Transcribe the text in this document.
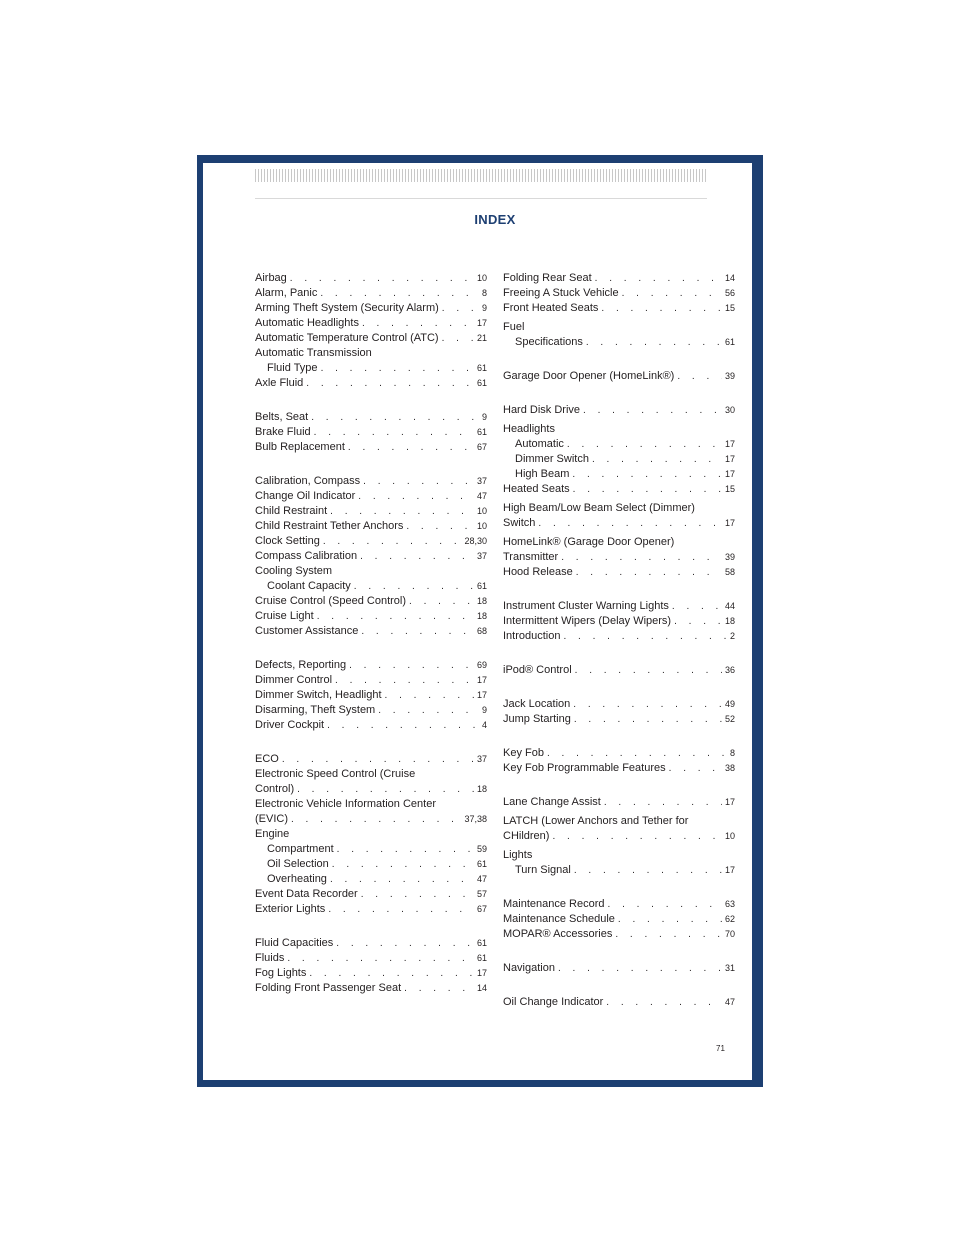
INDEX
Airbag . . .	10
Alarm, Panic . . .	8
Arming Theft System (Security Alarm) . . .	9
Automatic Headlights . . .	17
Automatic Temperature Control (ATC) . . .	21
Automatic Transmission
Fluid Type . . .	61
Axle Fluid . . .	61
Belts, Seat . . .	9
Brake Fluid . . .	61
Bulb Replacement . . .	67
Calibration, Compass . . .	37
Change Oil Indicator . . .	47
Child Restraint . . .	10
Child Restraint Tether Anchors . . .	10
Clock Setting . . .	28,30
Compass Calibration . . .	37
Cooling System
Coolant Capacity . . .	61
Cruise Control (Speed Control) . . .	18
Cruise Light . . .	18
Customer Assistance . . .	68
Defects, Reporting . . .	69
Dimmer Control . . .	17
Dimmer Switch, Headlight . . .	17
Disarming, Theft System . . .	9
Driver Cockpit . . .	4
ECO . . .	37
Electronic Speed Control (Cruise
Control) . . .	18
Electronic Vehicle Information Center
(EVIC) . . .	37,38
Engine
Compartment . . .	59
Oil Selection . . .	61
Overheating . . .	47
Event Data Recorder . . .	57
Exterior Lights . . .	67
Fluid Capacities . . .	61
Fluids . . .	61
Fog Lights . . .	17
Folding Front Passenger Seat . . .	14
Folding Rear Seat . . .	14
Freeing A Stuck Vehicle . . .	56
Front Heated Seats . . .	15
Fuel
Specifications . . .	61
Garage Door Opener (HomeLink®) . . .	39
Hard Disk Drive . . .	30
Headlights
Automatic . . .	17
Dimmer Switch . . .	17
High Beam . . .	17
Heated Seats . . .	15
High Beam/Low Beam Select (Dimmer)
Switch . . .	17
HomeLink® (Garage Door Opener)
Transmitter . . .	39
Hood Release . . .	58
Instrument Cluster Warning Lights . . .	44
Intermittent Wipers (Delay Wipers) . . .	18
Introduction . . .	2
iPod® Control . . .	36
Jack Location . . .	49
Jump Starting . . .	52
Key Fob . . .	8
Key Fob Programmable Features . . .	38
Lane Change Assist . . .	17
LATCH (Lower Anchors and Tether for
CHildren) . . .	10
Lights
Turn Signal . . .	17
Maintenance Record . . .	63
Maintenance Schedule . . .	62
MOPAR® Accessories . . .	70
Navigation . . .	31
Oil Change Indicator . . .	47
71
